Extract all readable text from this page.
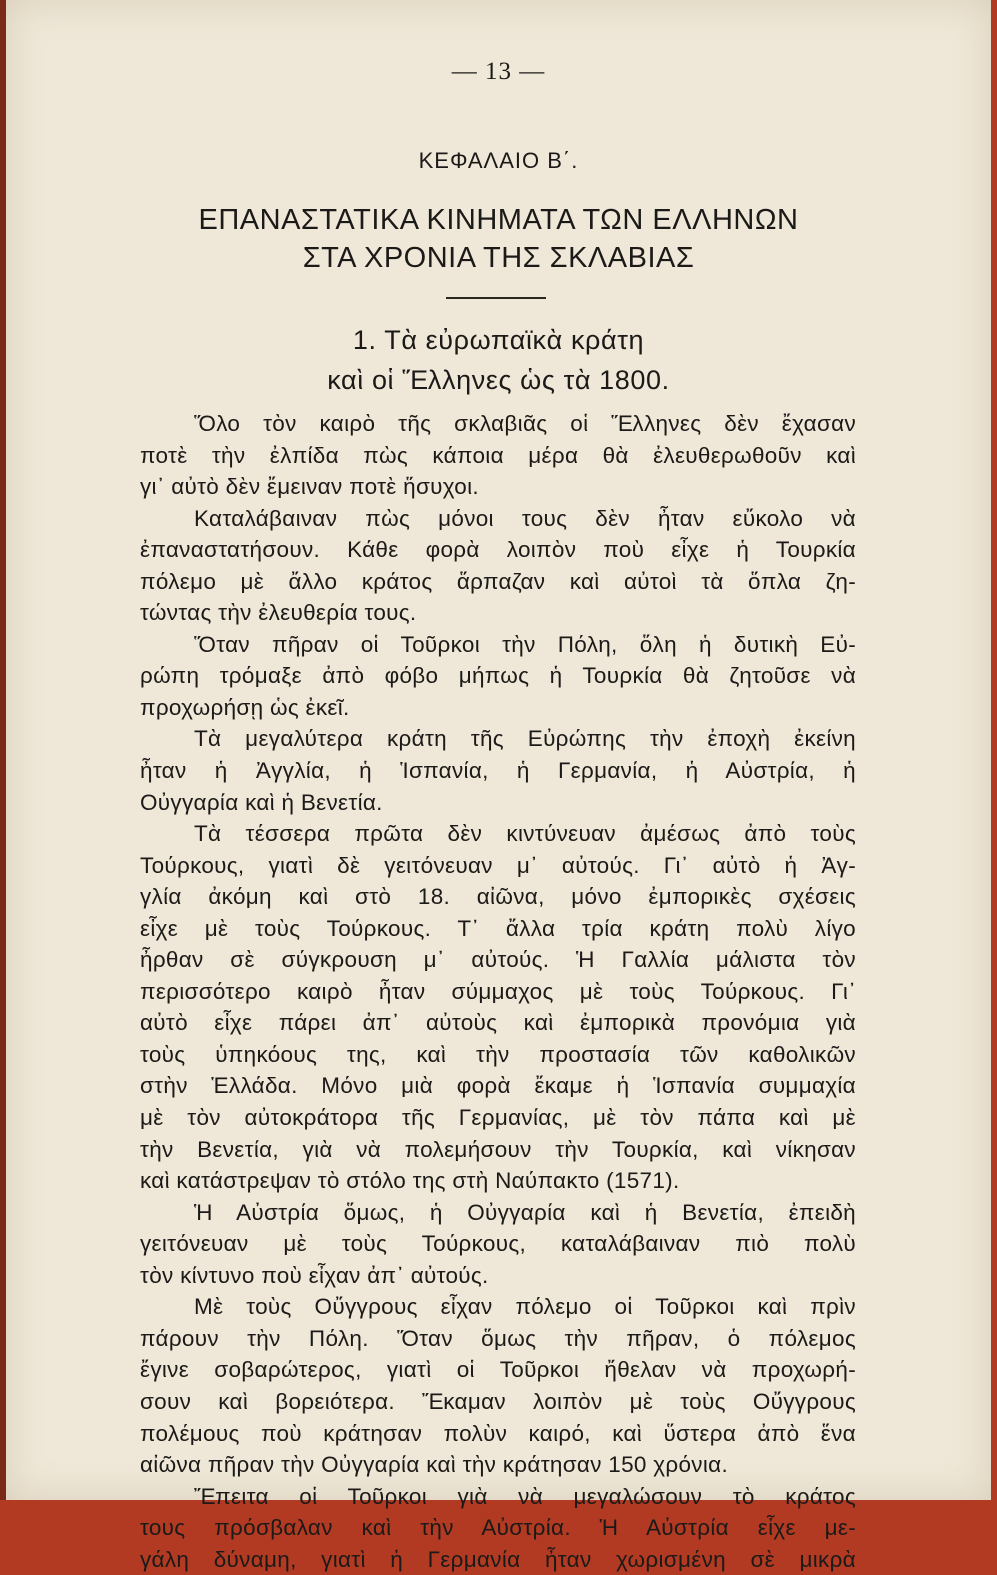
— 13 —
ΚΕΦΑΛΑΙΟ Β΄.
ΕΠΑΝΑΣΤΑΤΙΚΑ ΚΙΝΗΜΑΤΑ ΤΩΝ ΕΛΛΗΝΩΝ
ΣΤΑ ΧΡΟΝΙΑ ΤΗΣ ΣΚΛΑΒΙΑΣ
1. Τὰ εὐρωπαϊκὰ κράτη
καὶ οἱ Ἕλληνες ὡς τὰ 1800.
Ὅλο τὸν καιρὸ τῆς σκλαβιᾶς οἱ Ἕλληνες δὲν ἔχασαν
ποτὲ τὴν ἐλπίδα πὼς κάποια μέρα θὰ ἐλευθερωθοῦν καὶ
γι᾽ αὐτὸ δὲν ἔμειναν ποτὲ ἥσυχοι.
Καταλάβαιναν πὼς μόνοι τους δὲν ἦταν εὔκολο νὰ
ἐπαναστατήσουν. Κάθε φορὰ λοιπὸν ποὺ εἶχε ἡ Τουρκία
πόλεμο μὲ ἄλλο κράτος ἅρπαζαν καὶ αὐτοὶ τὰ ὅπλα ζη-
τώντας τὴν ἐλευθερία τους.
Ὅταν πῆραν οἱ Τοῦρκοι τὴν Πόλη, ὅλη ἡ δυτικὴ Εὐ-
ρώπη τρόμαξε ἀπὸ φόβο μήπως ἡ Τουρκία θὰ ζητοῦσε νὰ
προχωρήσῃ ὡς ἐκεῖ.
Τὰ μεγαλύτερα κράτη τῆς Εὐρώπης τὴν ἐποχὴ ἐκείνη
ἦταν ἡ Ἀγγλία, ἡ Ἱσπανία, ἡ Γερμανία, ἡ Αὐστρία, ἡ
Οὐγγαρία καὶ ἡ Βενετία.
Τὰ τέσσερα πρῶτα δὲν κιντύνευαν ἀμέσως ἀπὸ τοὺς
Τούρκους, γιατὶ δὲ γειτόνευαν μ᾽ αὐτούς. Γι᾽ αὐτὸ ἡ Ἀγ-
γλία ἀκόμη καὶ στὸ 18. αἰῶνα, μόνο ἐμπορικὲς σχέσεις
εἶχε μὲ τοὺς Τούρκους. Τ᾽ ἄλλα τρία κράτη πολὺ λίγο
ἦρθαν σὲ σύγκρουση μ᾽ αὐτούς. Ἡ Γαλλία μάλιστα τὸν
περισσότερο καιρὸ ἦταν σύμμαχος μὲ τοὺς Τούρκους. Γι᾽
αὐτὸ εἶχε πάρει ἀπ᾽ αὐτοὺς καὶ ἐμπορικὰ προνόμια γιὰ
τοὺς ὑπηκόους της, καὶ τὴν προστασία τῶν καθολικῶν
στὴν Ἑλλάδα. Μόνο μιὰ φορὰ ἔκαμε ἡ Ἱσπανία συμμαχία
μὲ τὸν αὐτοκράτορα τῆς Γερμανίας, μὲ τὸν πάπα καὶ μὲ
τὴν Βενετία, γιὰ νὰ πολεμήσουν τὴν Τουρκία, καὶ νίκησαν
καὶ κατάστρεψαν τὸ στόλο της στὴ Ναύπακτο (1571).
Ἡ Αὐστρία ὅμως, ἡ Οὐγγαρία καὶ ἡ Βενετία, ἐπειδὴ
γειτόνευαν μὲ τοὺς Τούρκους, καταλάβαιναν πιὸ πολὺ
τὸν κίντυνο ποὺ εἶχαν ἀπ᾽ αὐτούς.
Μὲ τοὺς Οὔγγρους εἶχαν πόλεμο οἱ Τοῦρκοι καὶ πρὶν
πάρουν τὴν Πόλη. Ὅταν ὅμως τὴν πῆραν, ὁ πόλεμος
ἔγινε σοβαρώτερος, γιατὶ οἱ Τοῦρκοι ἤθελαν νὰ προχωρή-
σουν καὶ βορειότερα. Ἔκαμαν λοιπὸν μὲ τοὺς Οὔγγρους
πολέμους ποὺ κράτησαν πολὺν καιρό, καὶ ὕστερα ἀπὸ ἕνα
αἰῶνα πῆραν τὴν Οὐγγαρία καὶ τὴν κράτησαν 150 χρόνια.
Ἔπειτα οἱ Τοῦρκοι γιὰ νὰ μεγαλώσουν τὸ κράτος
τους πρόσβαλαν καὶ τὴν Αὐστρία. Ἡ Αὐστρία εἶχε με-
γάλη δύναμη, γιατὶ ἡ Γερμανία ἦταν χωρισμένη σὲ μικρὰ
